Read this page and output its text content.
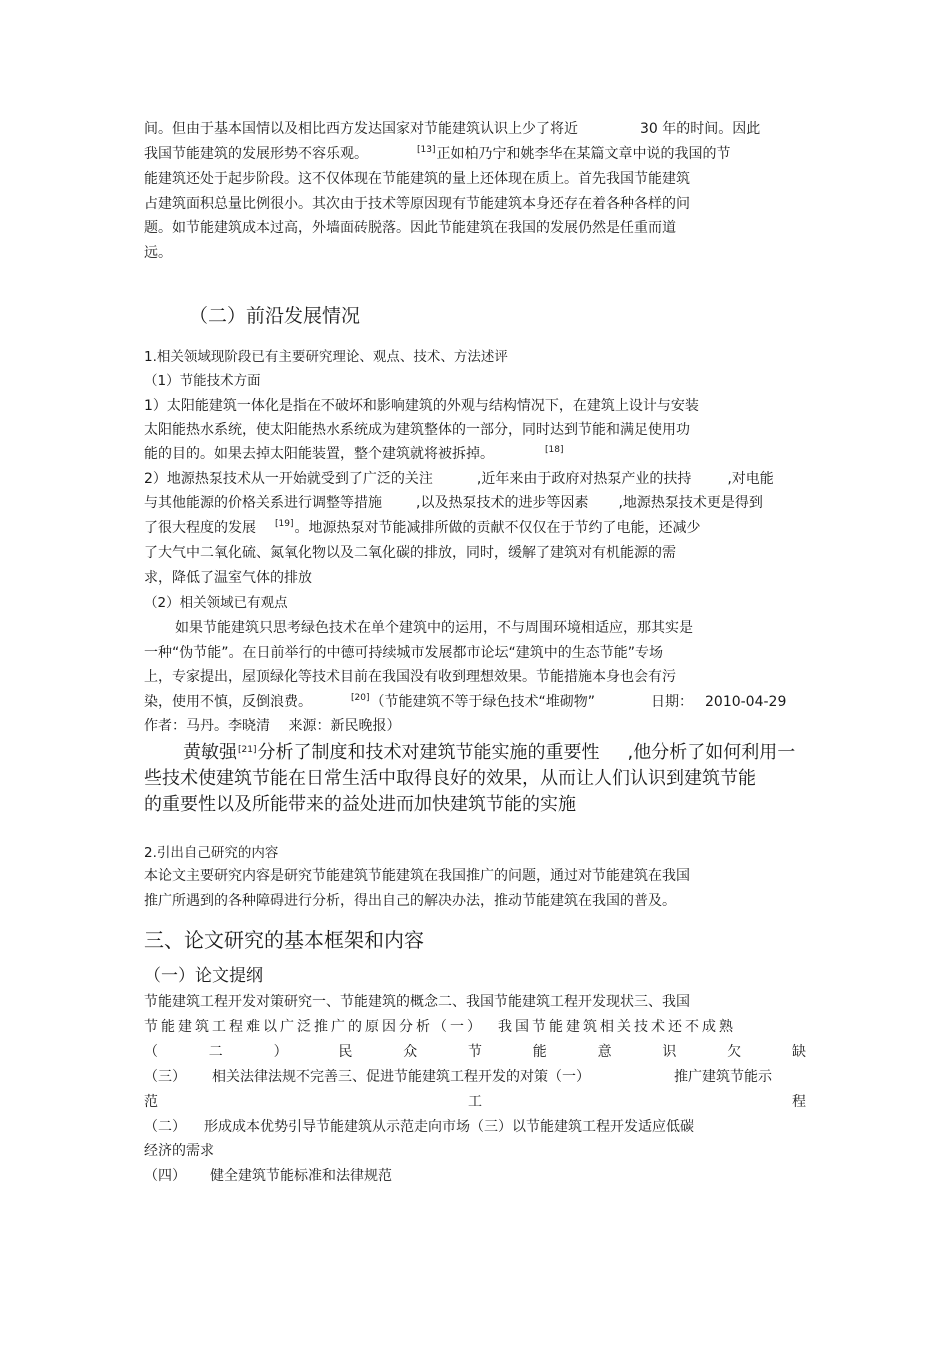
间。但由于基本国情以及相比西方发达国家对节能建筑认识上少了将近	30 年的时间。因此
我国节能建筑的发展形势不容乐观。	[13]正如柏乃宁和姚李华在某篇文章中说的我国的节
能建筑还处于起步阶段。这不仅体现在节能建筑的量上还体现在质上。首先我国节能建筑
占建筑面积总量比例很小。其次由于技术等原因现有节能建筑本身还存在着各种各样的问
题。如节能建筑成本过高，外墙面砖脱落。因此节能建筑在我国的发展仍然是任重而道
远。
（二）前沿发展情况
1.相关领域现阶段已有主要研究理论、观点、技术、方法述评
（1）节能技术方面
1）太阳能建筑一体化是指在不破坏和影响建筑的外观与结构情况下，在建筑上设计与安装
太阳能热水系统，使太阳能热水系统成为建筑整体的一部分，同时达到节能和满足使用功
能的目的。如果去掉太阳能装置，整个建筑就将被拆掉。	[18]
2）地源热泵技术从一开始就受到了广泛的关注	,近年来由于政府对热泵产业的扶持	,对电能
与其他能源的价格关系进行调整等措施 ,以及热泵技术的进步等因素 ,地源热泵技术更是得到
了很大程度的发展 [19]。地源热泵对节能减排所做的贡献不仅仅在于节约了电能，还减少
了大气中二氧化硫、氮氧化物以及二氧化碳的排放，同时，缓解了建筑对有机能源的需
求，降低了温室气体的排放
（2）相关领域已有观点
如果节能建筑只思考绿色技术在单个建筑中的运用，不与周围环境相适应，那其实是
一种“伪节能”。在日前举行的中德可持续城市发展都市论坛“建筑中的生态节能”专场
上，专家提出，屋顶绿化等技术目前在我国没有收到理想效果。节能措施本身也会有污
染，使用不慎，反倒浪费。	[20]（节能建筑不等于绿色技术“堆砌物”	日期： 2010-04-29
作者：马丹。李晓清　 来源：新民晚报）
黄敏强[21]分析了制度和技术对建筑节能实施的重要性 ,他分析了如何利用一
些技术使建筑节能在日常生活中取得良好的效果，从而让人们认识到建筑节能
的重要性以及所能带来的益处进而加快建筑节能的实施
2.引出自己研究的内容
本论文主要研究内容是研究节能建筑节能建筑在我国推广的问题，通过对节能建筑在我国
推广所遇到的各种障碍进行分析，得出自己的解决办法，推动节能建筑在我国的普及。
三、论文研究的基本框架和内容
（一）论文提纲
节能建筑工程开发对策研究一、节能建筑的概念二、我国节能建筑工程开发现状三、我国
节能建筑工程难以广泛推广的原因分析（一） 我国节能建筑相关技术还不成熟
（	二	）	民	众	节	能	意	识	欠	缺
（三） 相关法律法规不完善三、促进节能建筑工程开发的对策（一）	推广建筑节能示
范	工	程
（二） 形成成本优势引导节能建筑从示范走向市场（三）以节能建筑工程开发适应低碳
经济的需求
（四） 健全建筑节能标准和法律规范
